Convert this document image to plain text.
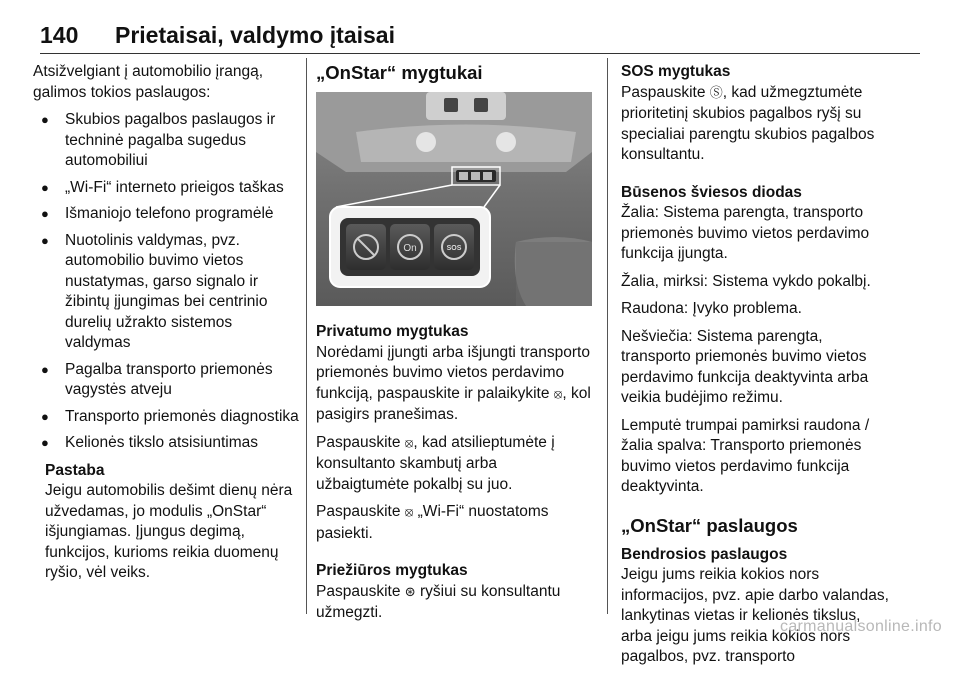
140 Prietaisai, valdymo įtaisai

Atsižvelgiant į automobilio įrangą, galimos tokios paslaugos:

● Skubios pagalbos paslaugos ir techninė pagalba sugedus automobiliui
● „Wi-Fi“ interneto prieigos taškas
● Išmaniojo telefono programėlė
● Nuotolinis valdymas, pvz. automobilio buvimo vietos nustatymas, garso signalo ir žibintų įjungimas bei centrinio durelių užrakto sistemos valdymas
● Pagalba transporto priemonės vagystės atveju
● Transporto priemonės diagnostika
● Kelionės tikslo atsisiuntimas
Pastaba
Jeigu automobilis dešimt dienų nėra užvedamas, jo modulis „OnStar“ išjungiamas. Įjungus degimą, funkcijos, kurioms reikia duomenų ryšio, vėl veiks.
„OnStar“ mygtukai
On	SOS
Privatumo mygtukas

Norėdami įjungti arba išjungti transporto priemonės buvimo vietos perdavimo funkciją, paspauskite ir palaikykite ⦻, kol pasigirs pranešimas.

Paspauskite ⦻, kad atsilieptumėte į konsultanto skambutį arba užbaigtumėte pokalbį su juo.

Paspauskite ⦻ „Wi-Fi“ nuostatoms pasiekti.

Priežiūros mygtukas

Paspauskite ⊛ ryšiui su konsultantu užmegzti.

SOS mygtukas

Paspauskite Ⓢ, kad užmegztumėte prioritetinį skubios pagalbos ryšį su specialiai parengtu skubios pagalbos konsultantu.

Būsenos šviesos diodas

Žalia: Sistema parengta, transporto priemonės buvimo vietos perdavimo funkcija įjungta.

Žalia, mirksi: Sistema vykdo pokalbį.

Raudona: Įvyko problema.

Nešviečia: Sistema parengta, transporto priemonės buvimo vietos perdavimo funkcija deaktyvinta arba veikia budėjimo režimu.

Lemputė trumpai pamirksi raudona / žalia spalva: Transporto priemonės buvimo vietos perdavimo funkcija deaktyvinta.

„OnStar“ paslaugos
Bendrosios paslaugos

Jeigu jums reikia kokios nors informacijos, pvz. apie darbo valandas, lankytinas vietas ir kelionės tikslus, arba jeigu jums reikia kokios nors pagalbos, pvz. transporto

carmanualsonline.info
